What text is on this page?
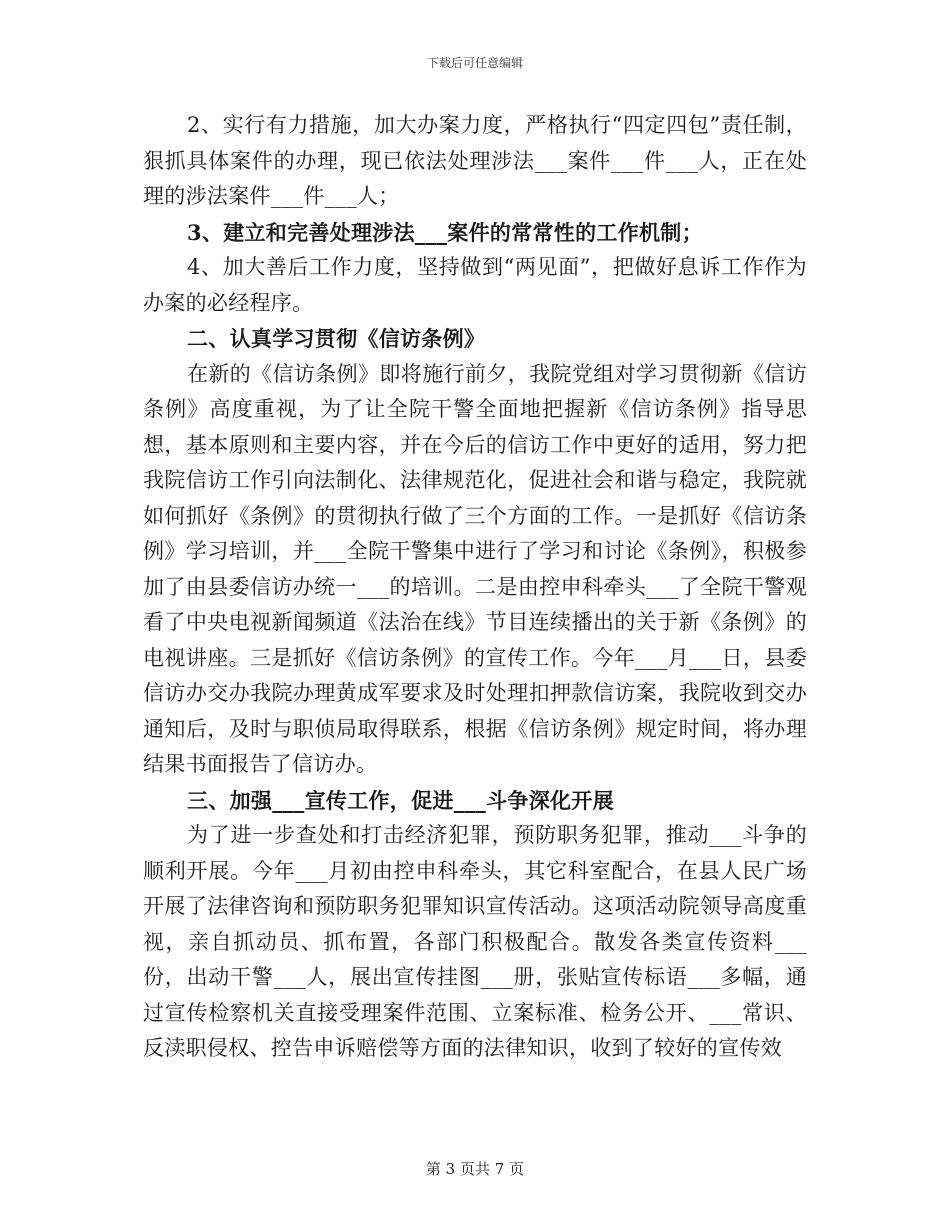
下载后可任意编辑

2、实行有力措施，加大办案力度，严格执行“四定四包”责任制，狠抓具体案件的办理，现已依法处理涉法___案件___件___人，正在处理的涉法案件___件___人；

3、建立和完善处理涉法___案件的常常性的工作机制；

4、加大善后工作力度，坚持做到“两见面”，把做好息诉工作作为办案的必经程序。

二、认真学习贯彻《信访条例》

在新的《信访条例》即将施行前夕，我院党组对学习贯彻新《信访条例》高度重视，为了让全院干警全面地把握新《信访条例》指导思想，基本原则和主要内容，并在今后的信访工作中更好的适用，努力把我院信访工作引向法制化、法律规范化，促进社会和谐与稳定，我院就如何抓好《条例》的贯彻执行做了三个方面的工作。一是抓好《信访条例》学习培训，并___全院干警集中进行了学习和讨论《条例》，积极参加了由县委信访办统一___的培训。二是由控申科牵头___了全院干警观看了中央电视新闻频道《法治在线》节目连续播出的关于新《条例》的电视讲座。三是抓好《信访条例》的宣传工作。今年___月___日，县委信访办交办我院办理黄成军要求及时处理扣押款信访案，我院收到交办通知后，及时与职侦局取得联系，根据《信访条例》规定时间，将办理结果书面报告了信访办。

三、加强___宣传工作，促进___斗争深化开展

为了进一步查处和打击经济犯罪，预防职务犯罪，推动___斗争的顺利开展。今年___月初由控申科牵头，其它科室配合，在县人民广场开展了法律咨询和预防职务犯罪知识宣传活动。这项活动院领导高度重视，亲自抓动员、抓布置，各部门积极配合。散发各类宣传资料___份，出动干警___人，展出宣传挂图___册，张贴宣传标语___多幅，通过宣传检察机关直接受理案件范围、立案标准、检务公开、___常识、反渎职侵权、控告申诉赔偿等方面的法律知识，收到了较好的宣传效

第 3 页共 7 页
